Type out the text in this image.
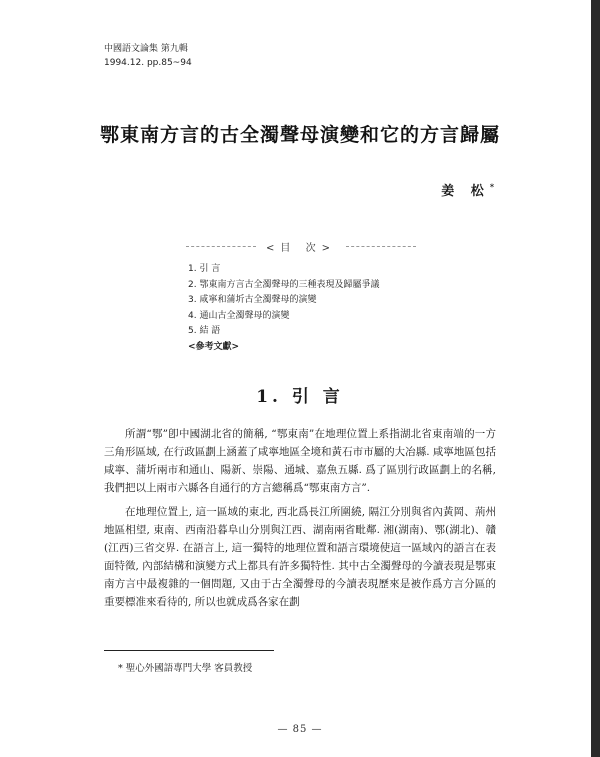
中國語文論集 第九輯
1994.12. pp.85~94
鄂東南方言的古全濁聲母演變和它的方言歸屬
姜 松*
<目 次>
1. 引 言
2. 鄂東南方言古全濁聲母的三種表現及歸屬爭議
3. 咸寧和蒲圻古全濁聲母的演變
4. 通山古全濁聲母的演變
5. 結 語
<參考文獻>
1. 引 言

所謂“鄂”卽中國湖北省的簡稱, “鄂東南”在地理位置上系指湖北省東南端的一方三角形區域, 在行政區劃上涵蓋了咸寧地區全境和黃石市市屬的大冶縣. 咸寧地區包括咸寧、蒲圻兩市和通山、陽新、崇陽、通城、嘉魚五縣. 爲了區別行政區劃上的名稱, 我們把以上兩市六縣各自通行的方言總稱爲“鄂東南方言”.

在地理位置上, 這一區域的東北, 西北爲長江所圍繞, 隔江分別與省內黃岡、荊州地區相望, 東南、西南沿暮阜山分別與江西、湖南兩省毗鄰. 湘(湖南)、鄂(湖北)、贛(江西)三省交界. 在語言上, 這一獨特的地理位置和語言環境使這一區域內的語言在表面特徵, 內部結構和演變方式上都具有許多獨特性. 其中古全濁聲母的今讀表現是鄂東南方言中最複雜的一個問題, 又由于古全濁聲母的今讀表現歷來是被作爲方言分區的重要標准來看待的, 所以也就成爲各家在劃

* 聖心外國語專門大學 客員教授
— 85 —
